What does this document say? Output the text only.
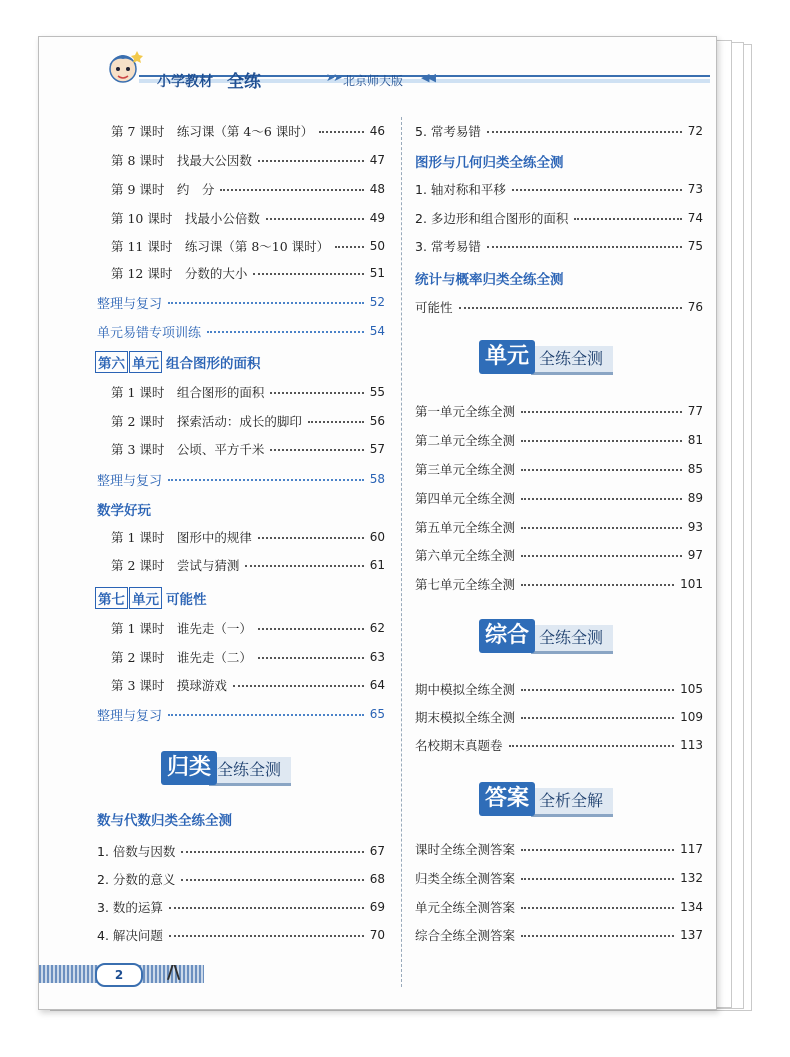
小学教材 全练	➤➤ 北京师大版 ◀◀
第 7 课时　练习课（第 4～6 课时）	46
第 8 课时　找最大公因数	47
第 9 课时　约　分	48
第 10 课时　找最小公倍数	49
第 11 课时　练习课（第 8～10 课时）	50
第 12 课时　分数的大小	51
整理与复习	52
单元易错专项训练	54
第六 单元 组合图形的面积
第 1 课时　组合图形的面积	55
第 2 课时　探索活动：成长的脚印	56
第 3 课时　公顷、平方千米	57
整理与复习	58
数学好玩
第 1 课时　图形中的规律	60
第 2 课时　尝试与猜测	61
第七 单元 可能性
第 1 课时　谁先走（一）	62
第 2 课时　谁先走（二）	63
第 3 课时　摸球游戏	64
整理与复习	65
全练全测
归类
数与代数归类全练全测
1. 倍数与因数	67
2. 分数的意义	68
3. 数的运算	69
4. 解决问题	70
5. 常考易错	72
图形与几何归类全练全测
1. 轴对称和平移	73
2. 多边形和组合图形的面积	74
3. 常考易错	75
统计与概率归类全练全测
可能性	76
全练全测
单元
第一单元全练全测	77
第二单元全练全测	81
第三单元全练全测	85
第四单元全练全测	89
第五单元全练全测	93
第六单元全练全测	97
第七单元全练全测	101
全练全测
综合
期中模拟全练全测	105
期末模拟全练全测	109
名校期末真题卷	113
全析全解
答案
课时全练全测答案	117
归类全练全测答案	132
单元全练全测答案	134
综合全练全测答案	137
2	/\
